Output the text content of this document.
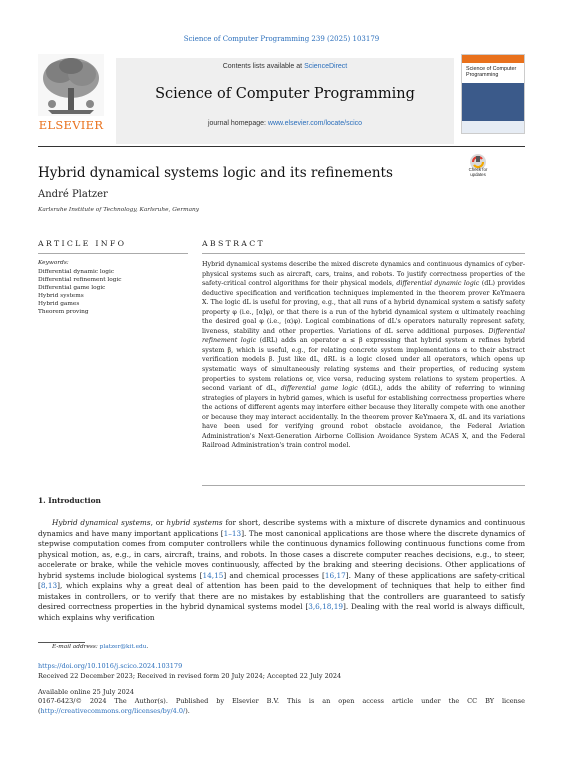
Science of Computer Programming 239 (2025) 103179
ELSEVIER
Contents lists available at ScienceDirect
Science of Computer Programming
journal homepage: www.elsevier.com/locate/scico
Science of Computer Programming
Hybrid dynamical systems logic and its refinements	Check for updates
André Platzer
Karlsruhe Institute of Technology, Karlsruhe, Germany
ARTICLE INFO	ABSTRACT
Keywords:
Differential dynamic logic
Differential refinement logic
Differential game logic
Hybrid systems
Hybrid games
Theorem proving
Hybrid dynamical systems describe the mixed discrete dynamics and continuous dynamics of cyber-physical systems such as aircraft, cars, trains, and robots. To justify correctness properties of the safety-critical control algorithms for their physical models, differential dynamic logic (dL) provides deductive specification and verification techniques implemented in the theorem prover KeYmaera X. The logic dL is useful for proving, e.g., that all runs of a hybrid dynamical system α satisfy safety property φ (i.e., [α]φ), or that there is a run of the hybrid dynamical system α ultimately reaching the desired goal φ (i.e., ⟨α⟩φ). Logical combinations of dL's operators naturally represent safety, liveness, stability and other properties. Variations of dL serve additional purposes. Differential refinement logic (dRL) adds an operator α ≤ β expressing that hybrid system α refines hybrid system β, which is useful, e.g., for relating concrete system implementations α to their abstract verification models β. Just like dL, dRL is a logic closed under all operators, which opens up systematic ways of simultaneously relating systems and their properties, of reducing system properties to system relations or, vice versa, reducing system relations to system properties. A second variant of dL, differential game logic (dGL), adds the ability of referring to winning strategies of players in hybrid games, which is useful for establishing correctness properties where the actions of different agents may interfere either because they literally compete with one another or because they may interact accidentally. In the theorem prover KeYmaera X, dL and its variations have been used for verifying ground robot obstacle avoidance, the Federal Aviation Administration's Next-Generation Airborne Collision Avoidance System ACAS X, and the Federal Railroad Administration's train control model.
1. Introduction
Hybrid dynamical systems, or hybrid systems for short, describe systems with a mixture of discrete dynamics and continuous dynamics and have many important applications [1–13]. The most canonical applications are those where the discrete dynamics of stepwise computation comes from computer controllers while the continuous dynamics following continuous functions come from physical motion, as, e.g., in cars, aircraft, trains, and robots. In those cases a discrete computer reaches decisions, e.g., to steer, accelerate or brake, while the vehicle moves continuously, affected by the braking and steering decisions. Other applications of hybrid systems include biological systems [14,15] and chemical processes [16,17]. Many of these applications are safety-critical [8,13], which explains why a great deal of attention has been paid to the development of techniques that help to either find mistakes in controllers, or to verify that there are no mistakes by establishing that the controllers are guaranteed to satisfy desired correctness properties in the hybrid dynamical systems model [3,6,18,19]. Dealing with the real world is always difficult, which explains why verification
E-mail address: platzer@kit.edu.
https://doi.org/10.1016/j.scico.2024.103179
Received 22 December 2023; Received in revised form 20 July 2024; Accepted 22 July 2024
Available online 25 July 2024
0167-6423/© 2024 The Author(s). Published by Elsevier B.V. This is an open access article under the CC BY license (http://creativecommons.org/licenses/by/4.0/).
